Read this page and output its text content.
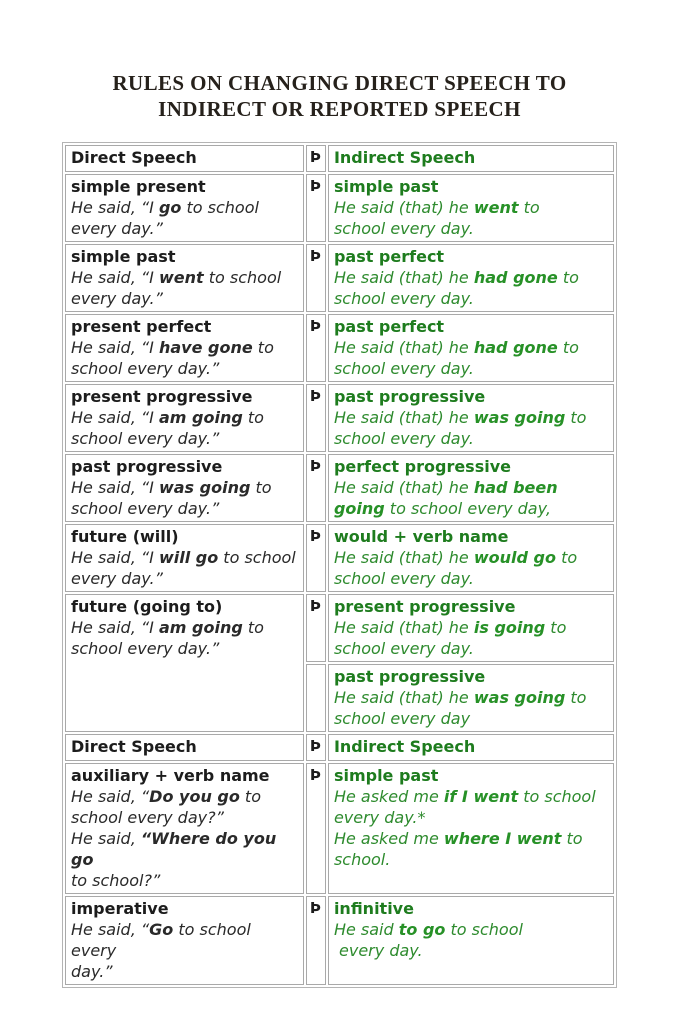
RULES ON CHANGING DIRECT SPEECH TO
INDIRECT OR REPORTED SPEECH
Direct Speech	Þ	Indirect Speech

simple present
He said, “I go to school
every day.”
	Þ	simple past
He said (that) he went to
school every day.

simple past
He said, “I went to school
every day.”
	Þ	past perfect
He said (that) he had gone to
school every day.

present perfect
He said, “I have gone to
school every day.”
	Þ	past perfect
He said (that) he had gone to
school every day.

present progressive
He said, “I am going to
school every day.”
	Þ	past progressive
He said (that) he was going to
school every day.

past progressive
He said, “I was going to
school every day.”
	Þ	perfect progressive
He said (that) he had been
going to school every day,

future (will)
He said, “I will go to school
every day.”
	Þ	would + verb name
He said (that) he would go to
school every day.

future (going to)
He said, “I am going to
school every day.”
	Þ	present progressive
He said (that) he is going to
school every day.

		past progressive
He said (that) he was going to
school every day

Direct Speech	Þ	Indirect Speech

auxiliary + verb name
He said, “Do you go to
school every day?”
He said, “Where do you go
to school?”
	Þ	simple past
He asked me if I went to school
every day.*
He asked me where I went to
school.

imperative
He said, “Go to school every
day.”
	Þ	infinitive
He said to go to school
every day.
